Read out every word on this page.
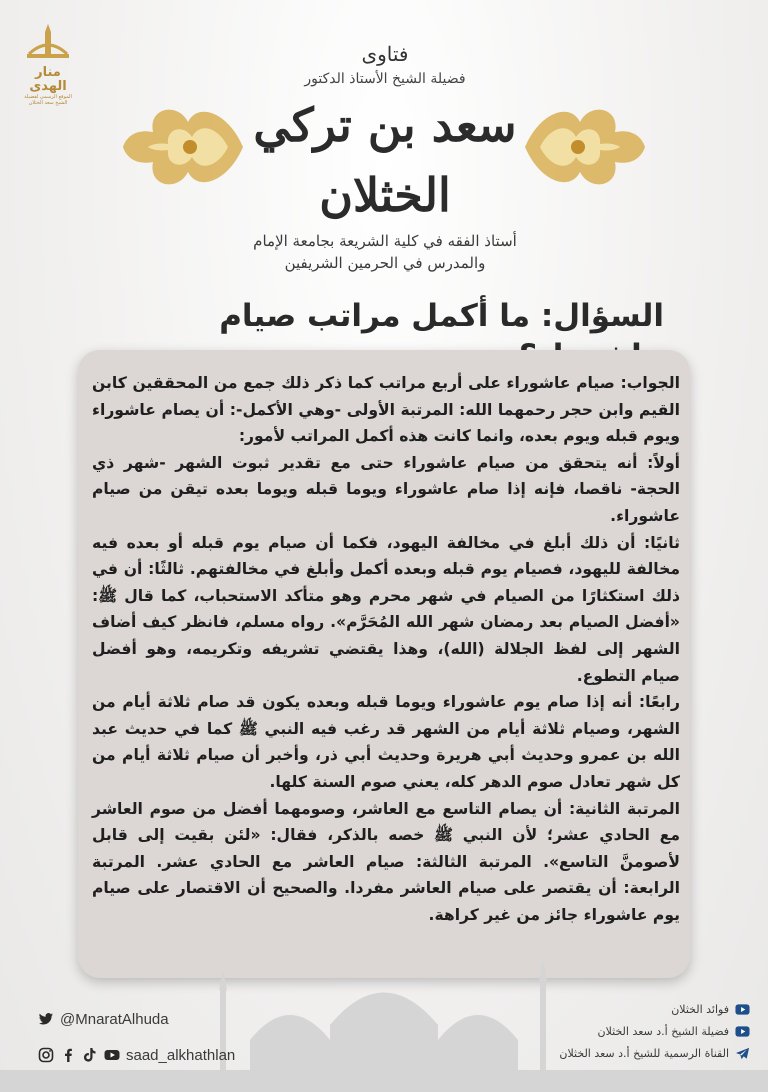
منار الهدى
الموقع الرسمي لفضيلة الشيخ سعد الخثلان
فتاوى
فضيلة الشيخ الأستاذ الدكتور
سعد بن تركي الخثلان
أستاذ الفقه في كلية الشريعة بجامعة الإمام
والمدرس في الحرمين الشريفين
السؤال: ما أكمل مراتب صيام

الجواب: صيام عاشوراء على أربع مراتب كما ذكر ذلك جمع من المحققين كابن القيم وابن حجر رحمهما الله: المرتبة الأولى -وهي الأكمل-: أن يصام عاشوراء ويوم قبله ويوم بعده، وانما كانت هذه أكمل المراتب لأمور:

أولاً: أنه يتحقق من صيام عاشوراء حتى مع تقدير ثبوت الشهر -شهر ذي الحجة- ناقصا، فإنه إذا صام عاشوراء ويوما قبله ويوما بعده تيقن من صيام عاشوراء.

ثانيًا: أن ذلك أبلغ في مخالفة اليهود، فكما أن صيام يوم قبله أو بعده فيه مخالفة لليهود، فصيام يوم قبله وبعده أكمل وأبلغ في مخالفتهم. ثالثًا: أن في ذلك استكثارًا من الصيام في شهر محرم وهو متأكد الاستحباب، كما قال ﷺ: «أفضل الصيام بعد رمضان شهر الله المُحَرَّم». رواه مسلم، فانظر كيف أضاف الشهر إلى لفظ الجلالة (الله)، وهذا يقتضي تشريفه وتكريمه، وهو أفضل صيام التطوع.

رابعًا: أنه إذا صام يوم عاشوراء ويوما قبله وبعده يكون قد صام ثلاثة أيام من الشهر، وصيام ثلاثة أيام من الشهر قد رغب فيه النبي ﷺ كما في حديث عبد الله بن عمرو وحديث أبي هريرة وحديث أبي ذر، وأخبر أن صيام ثلاثة أيام من كل شهر تعادل صوم الدهر كله، يعني صوم السنة كلها.

المرتبة الثانية: أن يصام التاسع مع العاشر، وصومهما أفضل من صوم العاشر مع الحادي عشر؛ لأن النبي ﷺ خصه بالذكر، فقال: «لئن بقيت إلى قابل لأصومنَّ التاسع». المرتبة الثالثة: صيام العاشر مع الحادي عشر. المرتبة الرابعة: أن يقتصر على صيام العاشر مفردا. والصحيح أن الاقتصار على صيام يوم عاشوراء جائز من غير كراهة.

@MnaratAlhuda
saad_alkhathlan
فوائد الخثلان
فضيلة الشيخ أ.د سعد الخثلان
القناة الرسمية للشيخ أ.د سعد الخثلان
